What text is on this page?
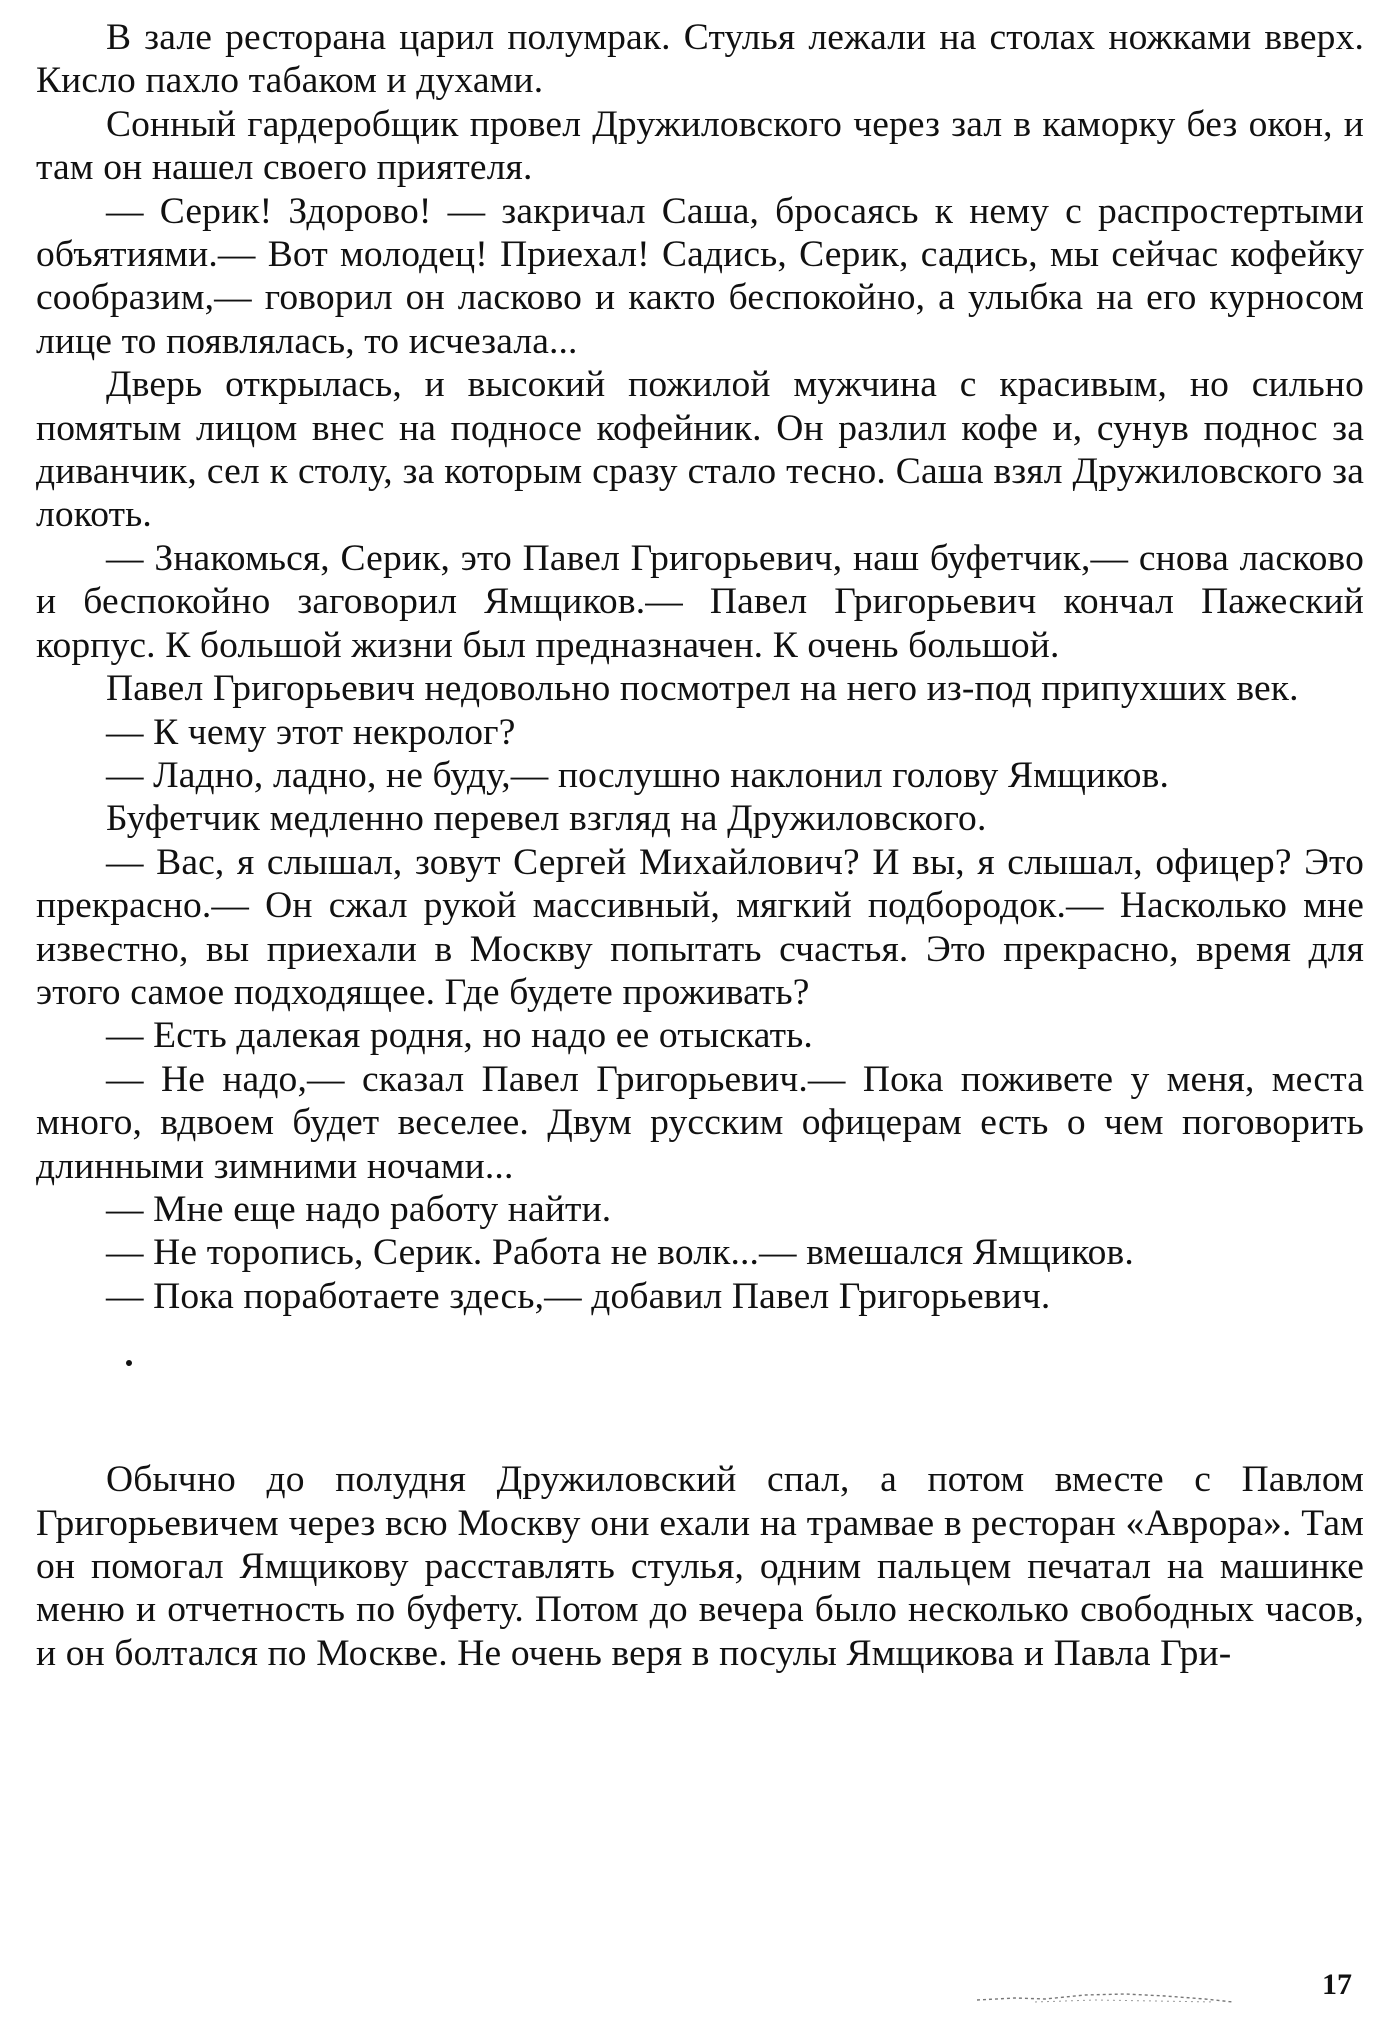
В зале ресторана царил полумрак. Стулья лежали на столах ножками вверх. Кисло пахло табаком и духами.

Сонный гардеробщик провел Дружиловского через зал в каморку без окон, и там он нашел своего приятеля.

— Серик! Здорово! — закричал Саша, бросаясь к нему с распростертыми объятиями.— Вот молодец! Приехал! Садись, Серик, садись, мы сейчас кофейку сообразим,— говорил он ласково и както беспокойно, а улыбка на его курносом лице то появлялась, то исчезала...

Дверь открылась, и высокий пожилой мужчина с красивым, но сильно помятым лицом внес на подносе кофейник. Он разлил кофе и, сунув поднос за диванчик, сел к столу, за которым сразу стало тесно. Саша взял Дружиловского за локоть.

— Знакомься, Серик, это Павел Григорьевич, наш буфетчик,— снова ласково и беспокойно заговорил Ямщиков.— Павел Григорьевич кончал Пажеский корпус. К большой жизни был предназначен. К очень большой.

Павел Григорьевич недовольно посмотрел на него из-под припухших век.

— К чему этот некролог?

— Ладно, ладно, не буду,— послушно наклонил голову Ямщиков.

Буфетчик медленно перевел взгляд на Дружиловского.

— Вас, я слышал, зовут Сергей Михайлович? И вы, я слышал, офицер? Это прекрасно.— Он сжал рукой массивный, мягкий подбородок.— Насколько мне известно, вы приехали в Москву попытать счастья. Это прекрасно, время для этого самое подходящее. Где будете проживать?

— Есть далекая родня, но надо ее отыскать.

— Не надо,— сказал Павел Григорьевич.— Пока поживете у меня, места много, вдвоем будет веселее. Двум русским офицерам есть о чем поговорить длинными зимними ночами...

— Мне еще надо работу найти.

— Не торопись, Серик. Работа не волк...— вмешался Ямщиков.

— Пока поработаете здесь,— добавил Павел Григорьевич.

Обычно до полудня Дружиловский спал, а потом вместе с Павлом Григорьевичем через всю Москву они ехали на трамвае в ресторан «Аврора». Там он помогал Ямщикову расставлять стулья, одним пальцем печатал на машинке меню и отчетность по буфету. Потом до вечера было несколько свободных часов, и он болтался по Москве. Не очень веря в посулы Ямщикова и Павла Гри-

17
